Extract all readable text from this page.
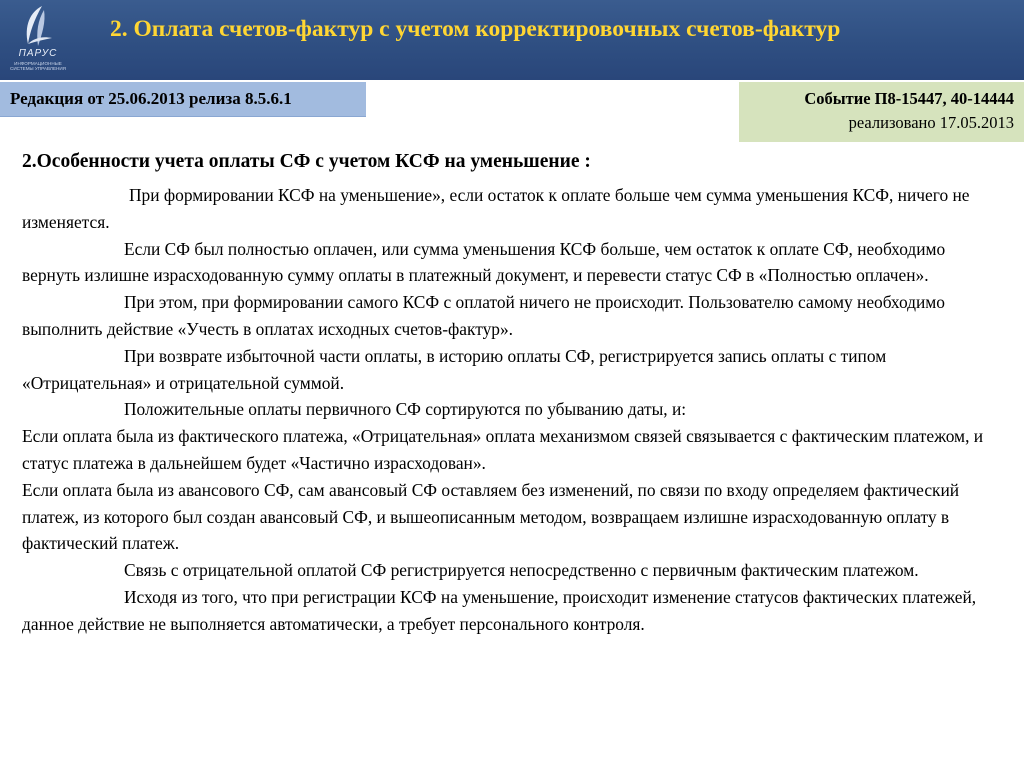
ПАРУС
ИНФОРМАЦИОННЫЕ СИСТЕМЫ УПРАВЛЕНИЯ
2. Оплата счетов-фактур с учетом корректировочных счетов-фактур
Редакция от 25.06.2013 релиза 8.5.6.1	Событие П8-15447, 40-14444
реализовано 17.05.2013
2.Особенности учета оплаты СФ с учетом КСФ на уменьшение :

При формировании КСФ на уменьшение», если остаток к оплате больше чем сумма уменьшения КСФ, ничего не изменяется.

Если СФ был полностью оплачен, или сумма уменьшения КСФ больше, чем остаток к оплате СФ, необходимо вернуть излишне израсходованную сумму оплаты в платежный документ, и перевести статус СФ в «Полностью оплачен».

При этом, при формировании самого КСФ с оплатой ничего не происходит. Пользователю самому необходимо выполнить действие «Учесть в оплатах исходных счетов-фактур».

При возврате избыточной части оплаты, в историю оплаты СФ, регистрируется запись оплаты с типом «Отрицательная» и отрицательной суммой.

Положительные оплаты первичного СФ сортируются по убыванию даты, и:

Если оплата была из фактического платежа, «Отрицательная» оплата механизмом связей связывается с фактическим платежом, и статус платежа в дальнейшем будет «Частично израсходован».

Если оплата была из авансового СФ, сам авансовый СФ оставляем без изменений, по связи по входу определяем фактический платеж, из которого был создан авансовый СФ, и вышеописанным методом, возвращаем излишне израсходованную оплату в фактический платеж.

Связь с отрицательной оплатой СФ регистрируется непосредственно с первичным фактическим платежом.

Исходя из того, что при регистрации КСФ на уменьшение, происходит изменение статусов фактических платежей, данное действие не выполняется автоматически, а требует персонального контроля.
